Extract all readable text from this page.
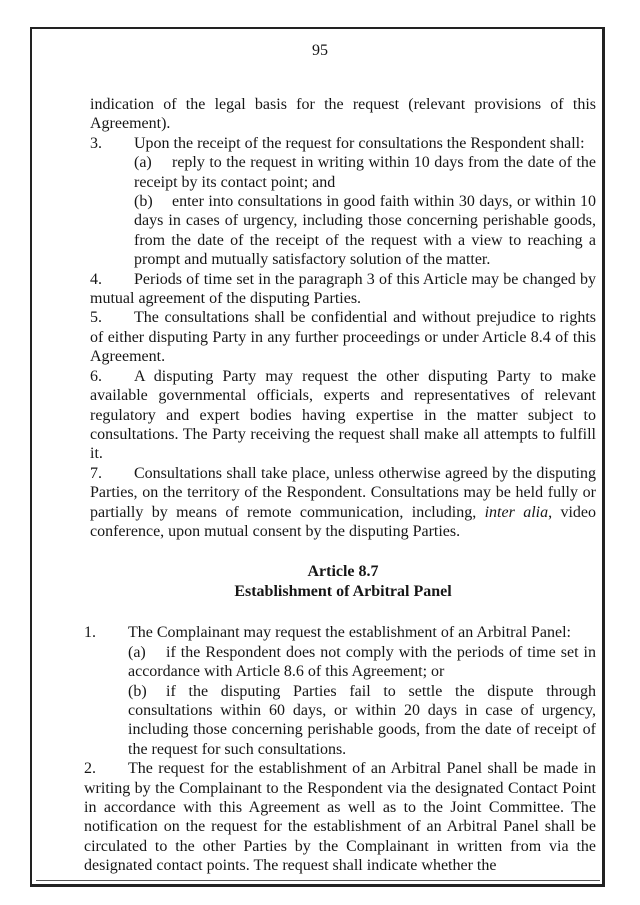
95

indication of the legal basis for the request (relevant provisions of this Agreement).

3. Upon the receipt of the request for consultations the Respondent shall:

(a) reply to the request in writing within 10 days from the date of the receipt by its contact point; and

(b) enter into consultations in good faith within 30 days, or within 10 days in cases of urgency, including those concerning perishable goods, from the date of the receipt of the request with a view to reaching a prompt and mutually satisfactory solution of the matter.

4. Periods of time set in the paragraph 3 of this Article may be changed by mutual agreement of the disputing Parties.

5. The consultations shall be confidential and without prejudice to rights of either disputing Party in any further proceedings or under Article 8.4 of this Agreement.

6. A disputing Party may request the other disputing Party to make available governmental officials, experts and representatives of relevant regulatory and expert bodies having expertise in the matter subject to consultations. The Party receiving the request shall make all attempts to fulfill it.

7. Consultations shall take place, unless otherwise agreed by the disputing Parties, on the territory of the Respondent. Consultations may be held fully or partially by means of remote communication, including, inter alia, video conference, upon mutual consent by the disputing Parties.

Article 8.7
Establishment of Arbitral Panel

1. The Complainant may request the establishment of an Arbitral Panel:

(a) if the Respondent does not comply with the periods of time set in accordance with Article 8.6 of this Agreement; or

(b) if the disputing Parties fail to settle the dispute through consultations within 60 days, or within 20 days in case of urgency, including those concerning perishable goods, from the date of receipt of the request for such consultations.

2. The request for the establishment of an Arbitral Panel shall be made in writing by the Complainant to the Respondent via the designated Contact Point in accordance with this Agreement as well as to the Joint Committee. The notification on the request for the establishment of an Arbitral Panel shall be circulated to the other Parties by the Complainant in written from via the designated contact points. The request shall indicate whether the
